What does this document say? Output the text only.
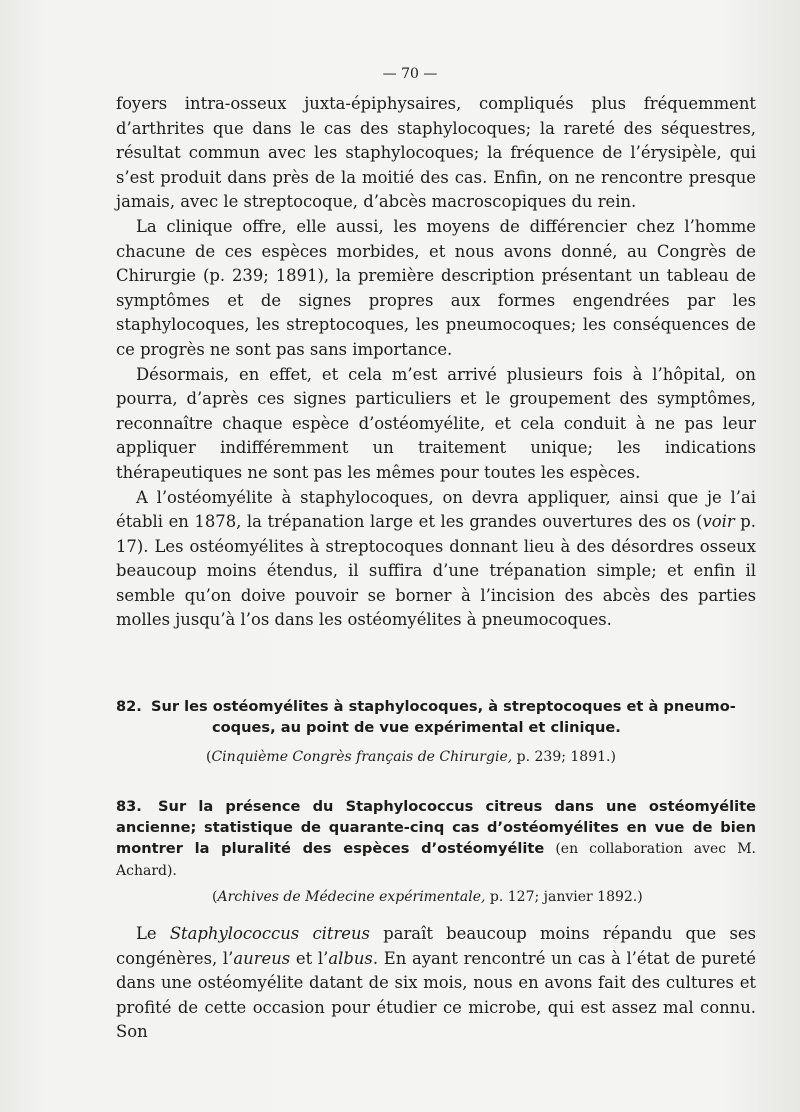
— 70 —

foyers intra-osseux juxta-épiphysaires, compliqués plus fréquemment d’arthrites que dans le cas des staphylocoques; la rareté des séquestres, résultat commun avec les staphylocoques; la fréquence de l’érysipèle, qui s’est produit dans près de la moitié des cas. Enfin, on ne rencontre presque jamais, avec le streptocoque, d’abcès macroscopiques du rein.

La clinique offre, elle aussi, les moyens de différencier chez l’homme chacune de ces espèces morbides, et nous avons donné, au Congrès de Chirurgie (p. 239; 1891), la première description présentant un tableau de symptômes et de signes propres aux formes engendrées par les staphylocoques, les streptocoques, les pneumocoques; les conséquences de ce progrès ne sont pas sans importance.

Désormais, en effet, et cela m’est arrivé plusieurs fois à l’hôpital, on pourra, d’après ces signes particuliers et le groupement des symptômes, reconnaître chaque espèce d’ostéomyélite, et cela conduit à ne pas leur appliquer indifféremment un traitement unique; les indications thérapeutiques ne sont pas les mêmes pour toutes les espèces.

A l’ostéomyélite à staphylocoques, on devra appliquer, ainsi que je l’ai établi en 1878, la trépanation large et les grandes ouvertures des os (voir p. 17). Les ostéomyélites à streptocoques donnant lieu à des désordres osseux beaucoup moins étendus, il suffira d’une trépanation simple; et enfin il semble qu’on doive pouvoir se borner à l’incision des abcès des parties molles jusqu’à l’os dans les ostéomyélites à pneumocoques.

82. Sur les ostéomyélites à staphylocoques, à streptocoques et à pneumo-
coques, au point de vue expérimental et clinique.
(Cinquième Congrès français de Chirurgie, p. 239; 1891.)
83. Sur la présence du Staphylococcus citreus dans une ostéomyélite ancienne; statistique de quarante-cinq cas d’ostéomyélites en vue de bien montrer la pluralité des espèces d’ostéomyélite (en collaboration avec M. Achard).
(Archives de Médecine expérimentale, p. 127; janvier 1892.)

Le Staphylococcus citreus paraît beaucoup moins répandu que ses congénères, l’aureus et l’albus. En ayant rencontré un cas à l’état de pureté dans une ostéomyélite datant de six mois, nous en avons fait des cultures et profité de cette occasion pour étudier ce microbe, qui est assez mal connu. Son
